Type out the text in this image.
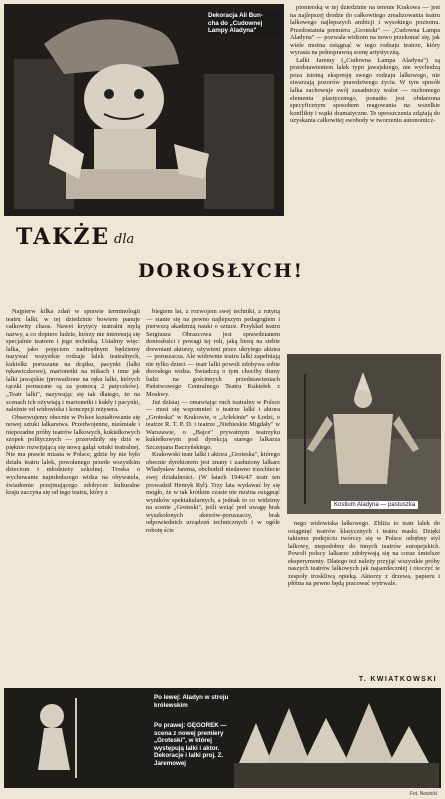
Dekoracja Ali Bun-
cha do „Cudownej
Lampy Aladyna"
TAKŻE dla
DOROSŁYCH!

pionierską w tej dziedzinie na terenie Krakowa — jest na najlepszej drodze do całkowitego zrealizowania teatru lalkowego najlepszych ambicji i wysokiego poziomu. Przedostatnia premiera „Groteski" — „Cudowna Lampa Aladyna" — pozwala widzom na nowo przekonać się, jak wiele można osiągnąć w tego rodzaju teatrze, który wyrasta na pełnoprawną scenę artystyczną.

Lalki Jaremy („Cudowna Lampa Aladyna") są przedstawieniem lalek typu jawajskiego, nie wychodzą poza istotną ekspresję swego rodzaju lalkowego, nie stwarzają pozorów prawdziwego życia. W tym sposób lalka zachowuje swój zasadniczy walor — ruchomego elementu plastycznego, ponadto jest obdarzona specyficznym sposobem reagowania na wszelkie konflikty i wątki dramatyczne. Te uproszczenia zdążają do uzyskania całkowitej swobody w tworzeniu autonomicz-

Najpierw kilka zdań w sprawie terminologii teatru lalki, w tej dziedzinie bowiem panuje całkowity chaos. Nawet krytycy teatralni mylą nazwy, a co dopiero ludzie, którzy nie interesują się specjalnie teatrem i jego techniką. Ustalmy więc: lalka, jako pojęciem nadrzędnym będziemy nazywać wszystkie rodzaje lalek teatralnych, kukiełki poruszane na drążku, pacynki (lalki rękawiczkowe), marionetki na nitkach i inne jak lalki jawajskie (prowadzone na ręku lalki, których rączki poruszane są za pomocą 2 patyczków). „Teatr lalki", nazywając się tak dlatego, że na scenach ich ożywiają i marionetki i kukły i pacynki, zależnie od widowiska i koncepcji reżysera.

Obserwujemy obecnie w Polsce kształtowanie się nowej sztuki lalkarstwa. Przedwojenne, nieśmiałe i nieporadne próby teatrów lalkowych, kukiełkowych szopek politycznych — przerodziły się dziś w pięknie rozwijającą się nową gałąź sztuki teatralnej. Nie ma prawie miasta w Polsce, gdzie by nie było działu teatru lalek, powołanego przede wszystkim dzieciom i młodzieży szkolnej. Troska o wychowanie najmłodszego widza na obywatela, świadomie przejmującego zdobycze kulturalne kraju zaczyna się od tego teatru, który z

biegiem lat, z rozwojem swej techniki, z rutyną — stanie się na pewno najlepszym pedagogiem i pierwszą akademią nauki o sztuce. Przykład teatru Sergiusza Obrazcowa jest sprawdzianem doniosłości i powagi tej roli, jaką biorą na siebie drewniani aktorzy, ożywieni przez ukrytego aktora — poruszacza. Ale widownie teatru lalki zapełniają nie tylko dzieci — teatr lalki powoli zdobywa sobie dorosłego widza. Świadczą o tym chociby tłumy ludzi na gościnnych przedstawieniach Państwowego Centralnego Teatru Kukiełek z Moskwy.

Już dzisiaj — omawiając ruch teatralny w Polsce — musi się wspomnieć o teatrze lalki i aktora „Groteska" w Krakowie, o „Arlekinie" w Łodzi, o teatrze R. T. P. D. i teatrze „Niebieskie Migdały" w Warszawie, o „Bajce" prywatnym teatrzyku kukiełkowym pod dyrekcją starego lalkarza Szczepana Baczyńskiego.

Krakowski teatr lalki i aktora „Groteska", którego obecnie dyrektorem jest znany i zasłużony lalkarz Władysław Jarema, obchodził niedawno trzechlecie swej działalności. (W latach 1946/47 teatr ten prowadził Henryk Ryl). Trzy lata wydawać by się mogło, że w tak krótkim czasie nie można osiągnąć wyników spektakularnych, a jednak to co widzimy na scenie „Groteski", jeśli wziąć pod uwagę brak wyszkolonych aktorów-poruszaczy, brak odpowiednich urządzeń technicznych i w ogóle robotę ście

Kostium Aladyna — pastuszka

nego widowiska lalkowego. Zbliża to teatr lalek do osiągnięć teatrów klasycznych i teatru maski. Dzięki takiemu podejściu twórczy się w Polsce odrębny styl lalkowy, niepodobny do innych teatrów europejskich. Powoli polscy lalkarze zdobywają się na coraz śmielsze eksperymenty. Dlatego też należy przyjąć wszystkie próby naszych teatrów lalkowych jak najserdeczniej i otoczyć te zespoły troskliwą opieką. Aktorzy z drzewa, papieru i płótna na pewno będą pracować wytrwale.

T. KWIATKOWSKI
Po lewej: Aladyn w stroju królewskim
Po prawej: GĘGOREK — scena z nowej premiery „Groteski", w której występują lalki i aktor. Dekoracje i lalki proj. Z. Jaremowej
Fot. Nowicki
